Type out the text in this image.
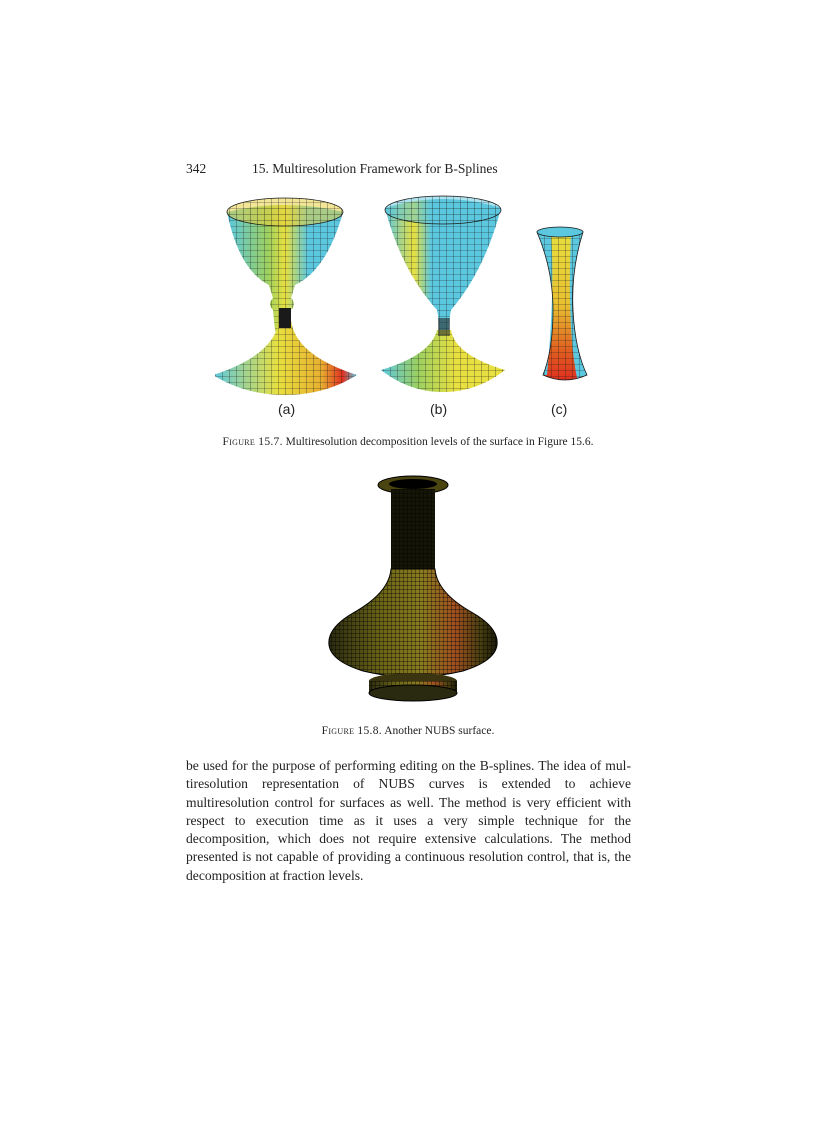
342	15. Multiresolution Framework for B-Splines
(a)	(b)	(c)
Figure 15.7. Multiresolution decomposition levels of the surface in Figure 15.6.
Figure 15.8. Another NUBS surface.
be used for the purpose of performing editing on the B-splines. The idea of multiresolution representation of NUBS curves is extended to achieve multiresolution control for surfaces as well. The method is very efficient with respect to execution time as it uses a very simple technique for the decomposition, which does not require extensive calculations. The method presented is not capable of providing a continuous resolution control, that is, the decomposition at fraction levels.
